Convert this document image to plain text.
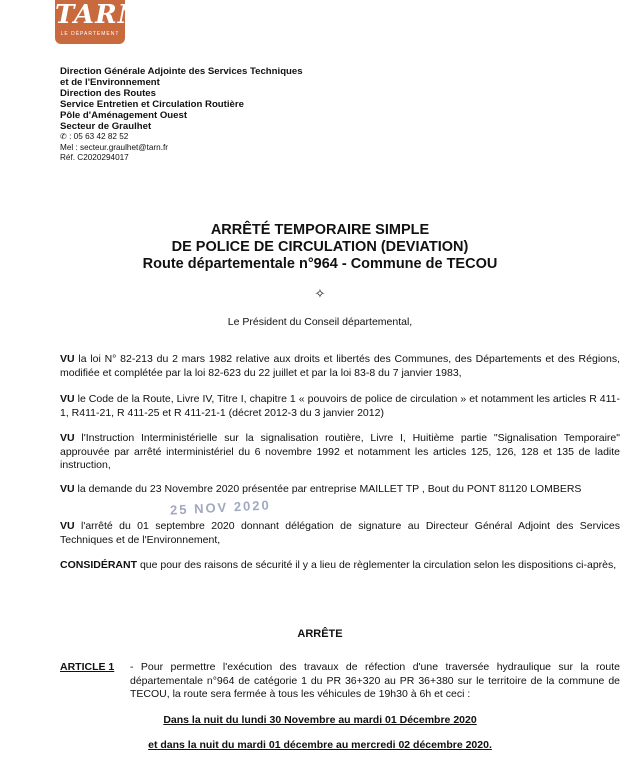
TARN
LE DÉPARTEMENT
Direction Générale Adjointe des Services Techniques
et de l'Environnement
Direction des Routes
Service Entretien et Circulation Routière
Pôle d'Aménagement Ouest
Secteur de Graulhet
✆ : 05 63 42 82 52
Mel : secteur.graulhet@tarn.fr
Réf. C2020294017
ARRÊTÉ TEMPORAIRE SIMPLE
DE POLICE DE CIRCULATION (DEVIATION)
Route départementale n°964 - Commune de TECOU
✧
Le Président du Conseil départemental,
VU la loi N° 82-213 du 2 mars 1982 relative aux droits et libertés des Communes, des Départements et des Régions, modifiée et complétée par la loi 82-623 du 22 juillet et par la loi 83-8 du 7 janvier 1983,
VU le Code de la Route, Livre IV, Titre I, chapitre 1 « pouvoirs de police de circulation » et notamment les articles R 411-1, R411-21, R 411-25 et R 411-21-1 (décret 2012-3 du 3 janvier 2012)
VU l'Instruction Interministérielle sur la signalisation routière, Livre I, Huitième partie "Signalisation Temporaire" approuvée par arrêté interministériel du 6 novembre 1992 et notamment les articles 125, 126, 128 et 135 de ladite instruction,
VU la demande du 23 Novembre 2020 présentée par entreprise MAILLET TP , Bout du PONT 81120 LOMBERS
25 NOV 2020
VU l'arrêté du 01 septembre 2020 donnant délégation de signature au Directeur Général Adjoint des Services Techniques et de l'Environnement,
CONSIDÉRANT que pour des raisons de sécurité il y a lieu de règlementer la circulation selon les dispositions ci-après,
ARRÊTE
ARTICLE 1 - Pour permettre l'exécution des travaux de réfection d'une traversée hydraulique sur la route départementale n°964 de catégorie 1 du PR 36+320 au PR 36+380 sur le territoire de la commune de TECOU, la route sera fermée à tous les véhicules de 19h30 à 6h et ceci :
Dans la nuit du lundi 30 Novembre au mardi 01 Décembre 2020
et dans la nuit du mardi 01 décembre au mercredi 02 décembre 2020.
